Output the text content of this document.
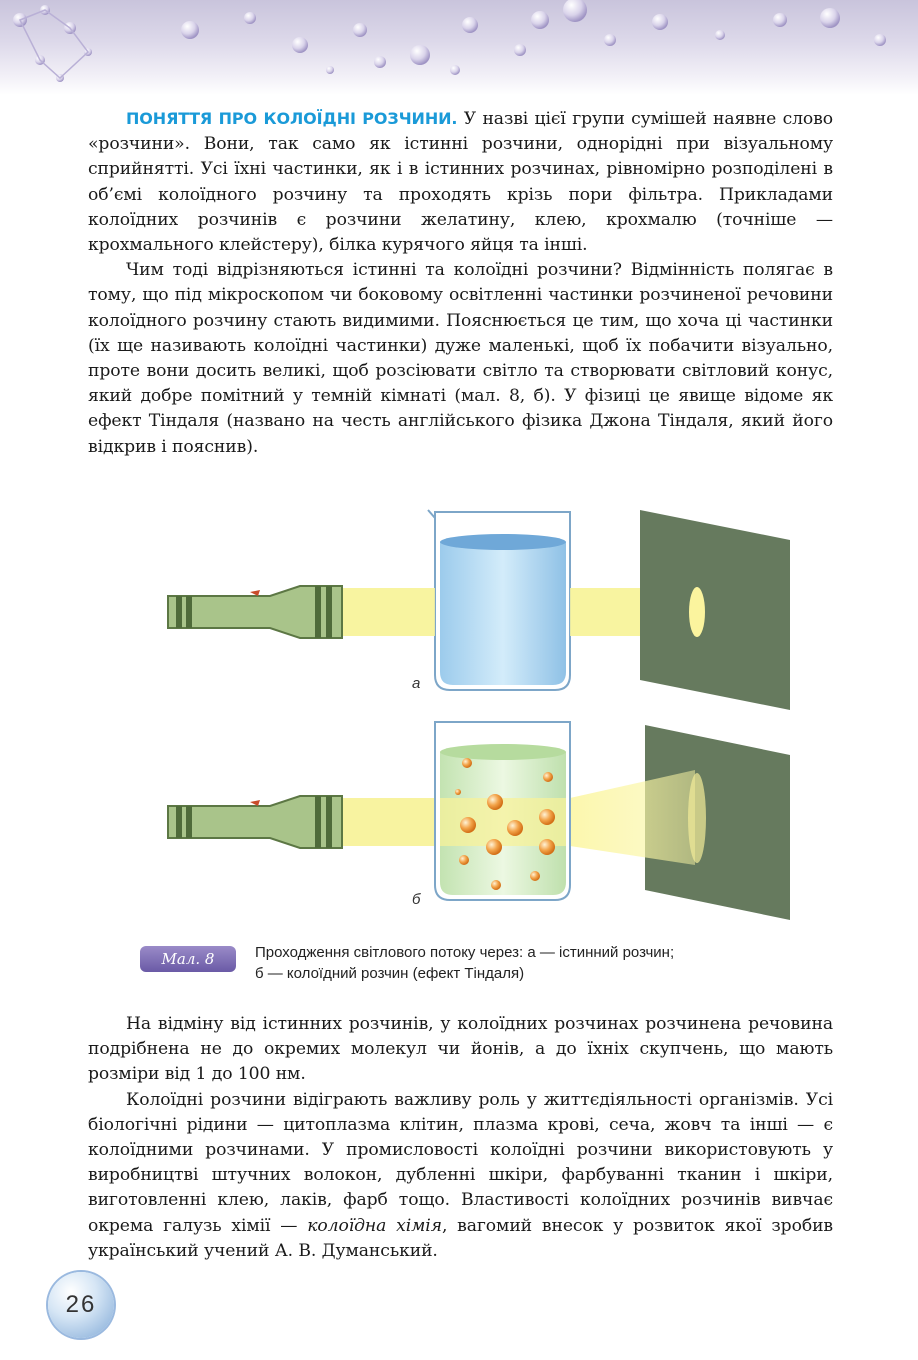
ПОНЯТТЯ ПРО КОЛОЇДНІ РОЗЧИНИ. У назві цієї групи сумішей наявне слово «розчини». Вони, так само як істинні розчини, однорідні при візуальному сприйнятті. Усі їхні частинки, як і в істинних розчинах, рівномірно розподілені в об’ємі колоїдного розчину та проходять крізь пори фільтра. Прикладами колоїдних розчинів є розчини желатину, клею, крохмалю (точніше — крохмального клейстеру), білка курячого яйця та інші.

Чим тоді відрізняються істинні та колоїдні розчини? Відмінність полягає в тому, що під мікроскопом чи боковому освітленні частинки розчиненої речовини колоїдного розчину стають видимими. Пояснюється це тим, що хоча ці частинки (їх ще називають колоїдні частинки) дуже маленькі, щоб їх побачити візуально, проте вони досить великі, щоб розсіювати світло та створювати світловий конус, який добре помітний у темній кімнаті (мал. 8, б). У фізиці це явище відоме як ефект Тіндаля (названо на честь англійського фізика Джона Тіндаля, який його відкрив і пояснив).

а
б
Мал. 8	Проходження світлового потоку через: а — істинний розчин;
б — колоїдний розчин (ефект Тіндаля)

На відміну від істинних розчинів, у колоїдних розчинах розчинена речовина подрібнена не до окремих молекул чи йонів, а до їхніх скупчень, що мають розміри від 1 до 100 нм.

Колоїдні розчини відіграють важливу роль у життєдіяльності організмів. Усі біологічні рідини — цитоплазма клітин, плазма крові, сеча, жовч та інші — є колоїдними розчинами. У промисловості колоїдні розчини використовують у виробництві штучних волокон, дубленні шкіри, фарбуванні тканин і шкіри, виготовленні клею, лаків, фарб тощо. Властивості колоїдних розчинів вивчає окрема галузь хімії — колоїдна хімія, вагомий внесок у розвиток якої зробив український учений А. В. Думанський.

26
